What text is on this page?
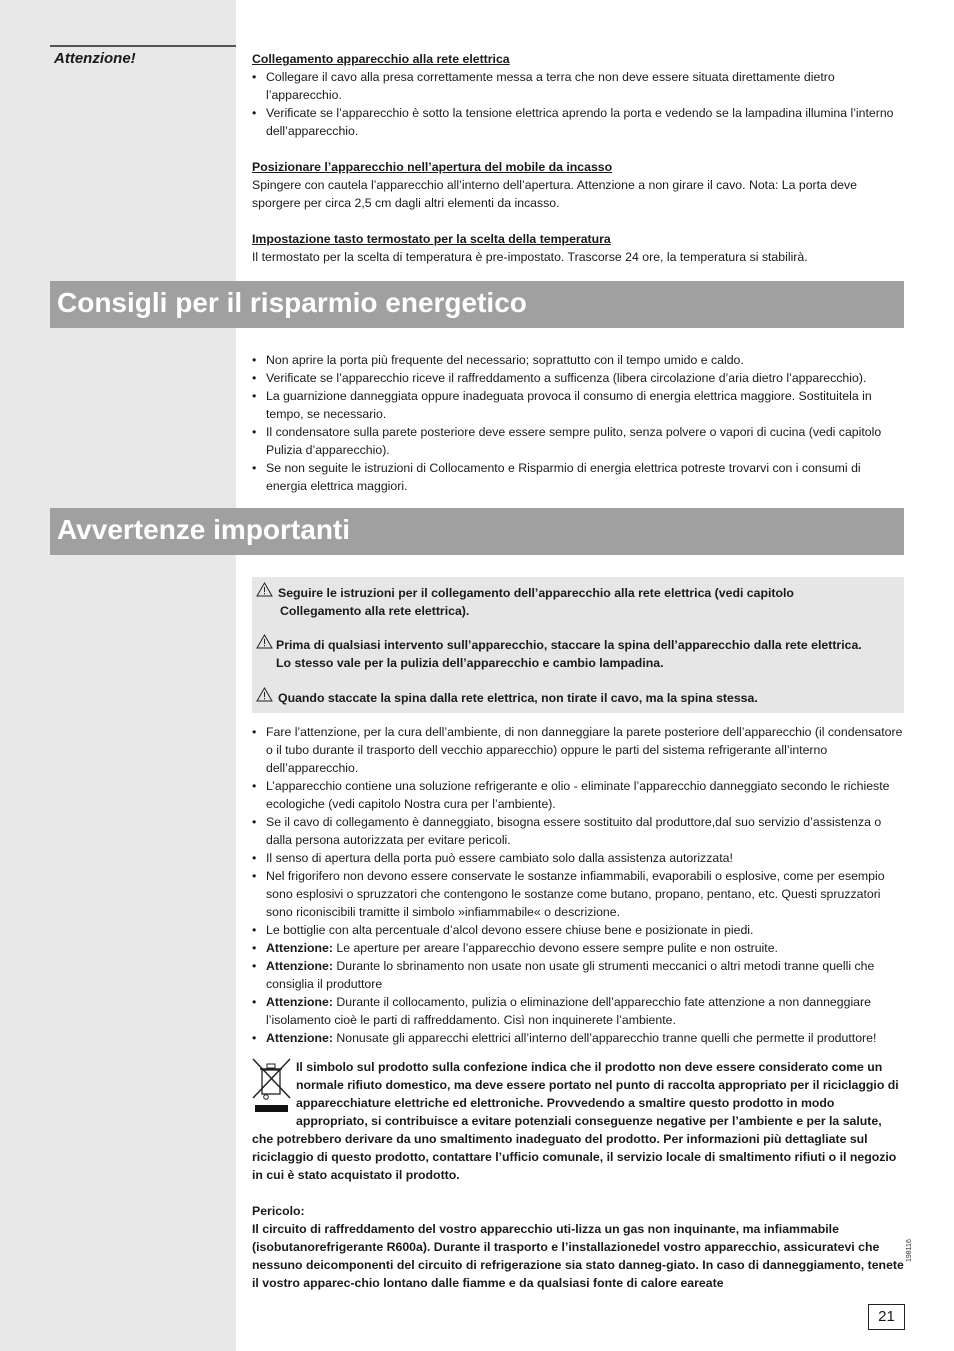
Attenzione!	Collegamento apparecchio alla rete elettrica

• Collegare il cavo alla presa correttamente messa a terra che non deve essere situata direttamente dietro l’apparecchio.
• Verificate se l’apparecchio è sotto la tensione elettrica aprendo la porta e vedendo se la lampadina illumina l’interno dell’apparecchio.

Posizionare l’apparecchio nell’apertura del mobile da incasso

Spingere con cautela l’apparecchio all’interno dell’apertura. Attenzione a non girare il cavo. Nota: La porta deve sporgere per circa 2,5 cm dagli altri elementi da incasso.

Impostazione tasto termostato per la scelta della temperatura

Il termostato per la scelta di temperatura è pre-impostato. Trascorse 24 ore, la temperatura si stabilirà.

Consigli per il risparmio energetico
• Non aprire la porta più frequente del necessario; soprattutto con il tempo umido e caldo.
• Verificate se l’apparecchio riceve il raffreddamento a sufficenza (libera circolazione d’aria dietro l’apparecchio).
• La guarnizione danneggiata oppure inadeguata provoca il consumo di energia elettrica maggiore. Sostituitela in tempo, se necessario.
• Il condensatore sulla parete posteriore deve essere sempre pulito, senza polvere o vapori di cucina (vedi capitolo Pulizia d’apparecchio).
• Se non seguite le istruzioni di Collocamento e Risparmio di energia elettrica potreste trovarvi con i consumi di energia elettrica maggiori.
Avvertenze importanti
Seguire le istruzioni per il collegamento dell’apparecchio alla rete elettrica (vedi capitolo
Collegamento alla rete elettrica).
Prima di qualsiasi intervento sull’apparecchio, staccare la spina dell’apparecchio dalla rete elettrica.
Lo stesso vale per la pulizia dell’apparecchio e cambio lampadina.
Quando staccate la spina dalla rete elettrica, non tirate il cavo, ma la spina stessa.
• Fare l’attenzione, per la cura dell’ambiente, di non danneggiare la parete posteriore dell’apparecchio (il condensatore o il tubo durante il trasporto dell vecchio apparecchio) oppure le parti del sistema refrigerante all’interno dell’apparecchio.
• L’apparecchio contiene una soluzione refrigerante e olio - eliminate l’apparecchio danneggiato secondo le richieste ecologiche (vedi capitolo Nostra cura per l’ambiente).
• Se il cavo di collegamento è danneggiato, bisogna essere sostituito dal produttore,dal suo servizio d’assistenza o dalla persona autorizzata per evitare pericoli.
• Il senso di apertura della porta può essere cambiato solo dalla assistenza autorizzata!
• Nel frigorifero non devono essere conservate le sostanze infiammabili, evaporabili o esplosive, come per esempio sono esplosivi o spruzzatori che contengono le sostanze come butano, propano, pentano, etc. Questi spruzzatori sono riconiscibili tramitte il simbolo »infiammabile« o descrizione.
• Le bottiglie con alta percentuale d’alcol devono essere chiuse bene e posizionate in piedi.
• Attenzione: Le aperture per areare l’apparecchio devono essere sempre pulite e non ostruite.
• Attenzione: Durante lo sbrinamento non usate non usate gli strumenti meccanici o altri metodi tranne quelli che consiglia il produttore
• Attenzione: Durante il collocamento, pulizia o eliminazione dell’apparecchio fate attenzione a non danneggiare l’isolamento cioè le parti di raffreddamento. Cisì non inquinerete l’ambiente.
• Attenzione: Nonusate gli apparecchi elettrici all’interno dell’apparecchio tranne quelli che permette il produttore!
Il simbolo sul prodotto sulla confezione indica che il prodotto non deve essere considerato come un normale rifiuto domestico, ma deve essere portato nel punto di raccolta appropriato per il riciclaggio di apparecchiature elettriche ed elettroniche. Provvedendo a smaltire questo prodotto in modo appropriato, si contribuisce a evitare potenziali conseguenze negative per l’ambiente e per la salute, che potrebbero derivare da uno smaltimento inadeguato del prodotto. Per informazioni più dettagliate sul riciclaggio di questo prodotto, contattare l’ufficio comunale, il servizio locale di smaltimento rifiuti o il negozio in cui è stato acquistato il prodotto.
Pericolo:
Il circuito di raffreddamento del vostro apparecchio uti-lizza un gas non inquinante, ma infiammabile (isobutanorefrigerante R600a). Durante il trasporto e l’installazionedel vostro apparecchio, assicuratevi che nessuno deicomponenti del circuito di refrigerazione sia stato danneg-giato. In caso di danneggiamento, tenete il vostro apparec-chio lontano dalle fiamme e da qualsiasi fonte di calore eareate
198116
21
